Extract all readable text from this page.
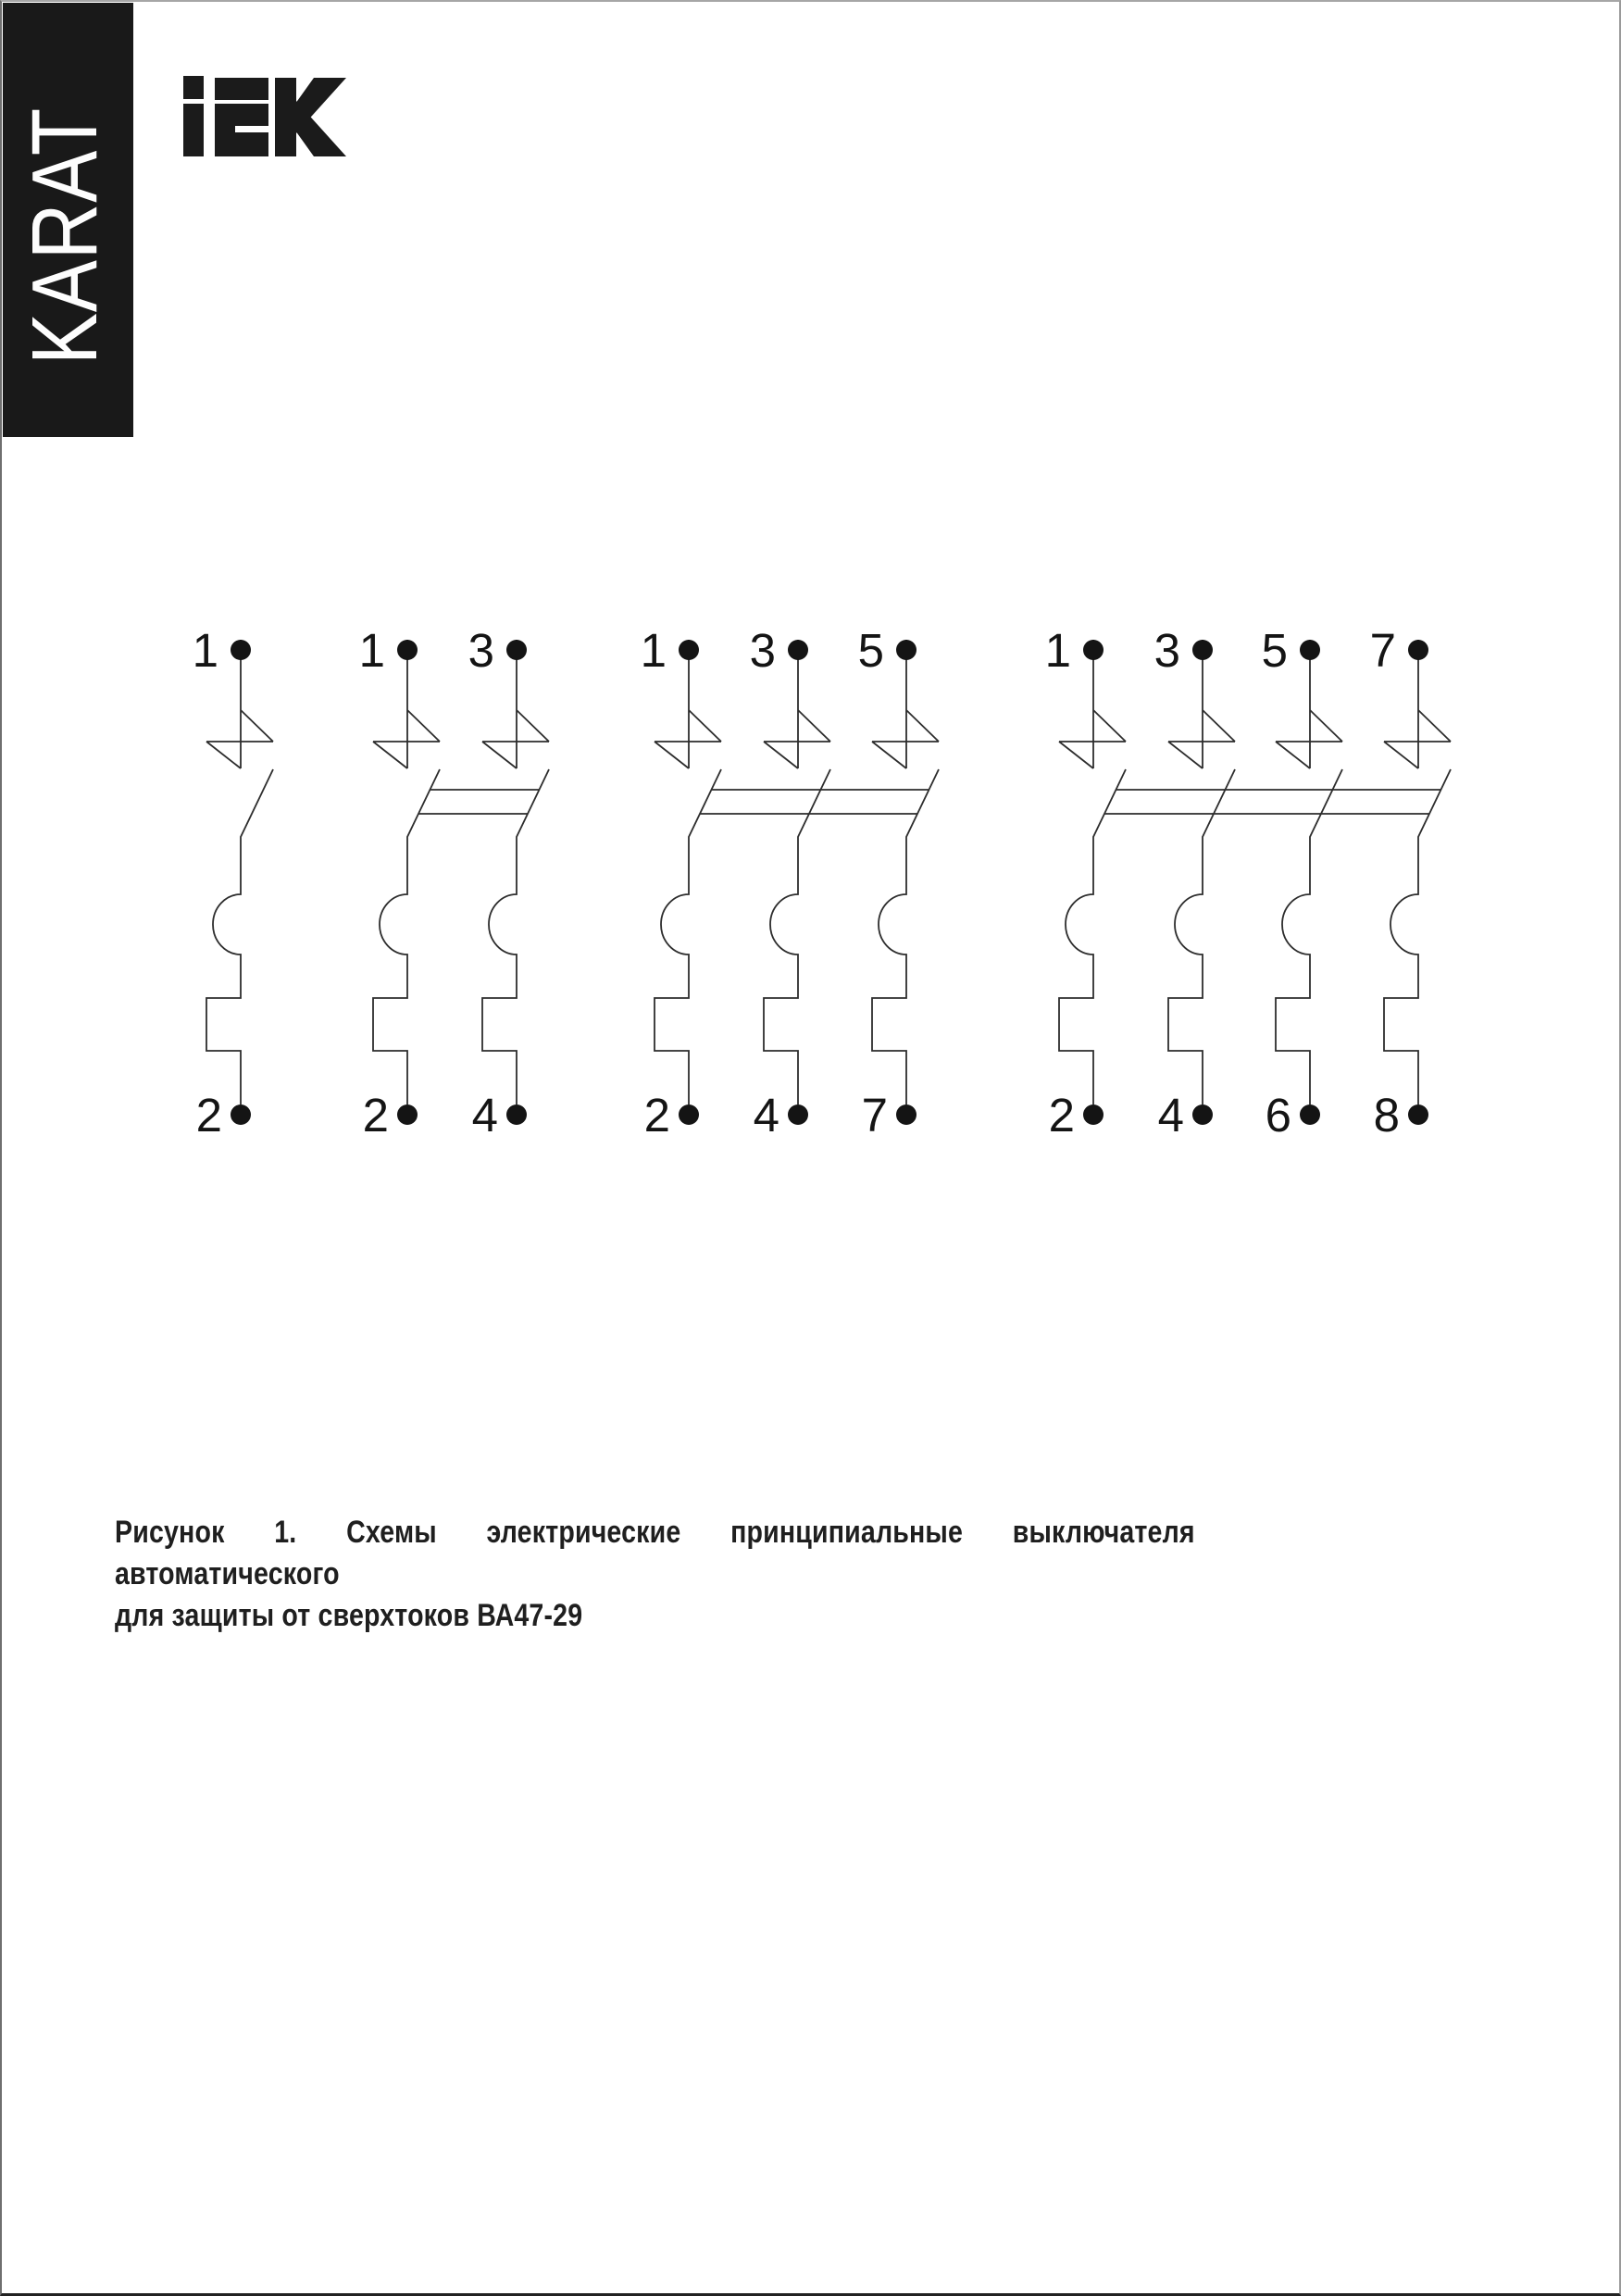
KARAT
1
2
1
2
3
4
1
2
3
4
5
7
1
2
3
4
5
6
7
8
Рисунок 1. Схемы электрические принципиальные выключателя автоматического
для защиты от сверхтоков ВА47-29
